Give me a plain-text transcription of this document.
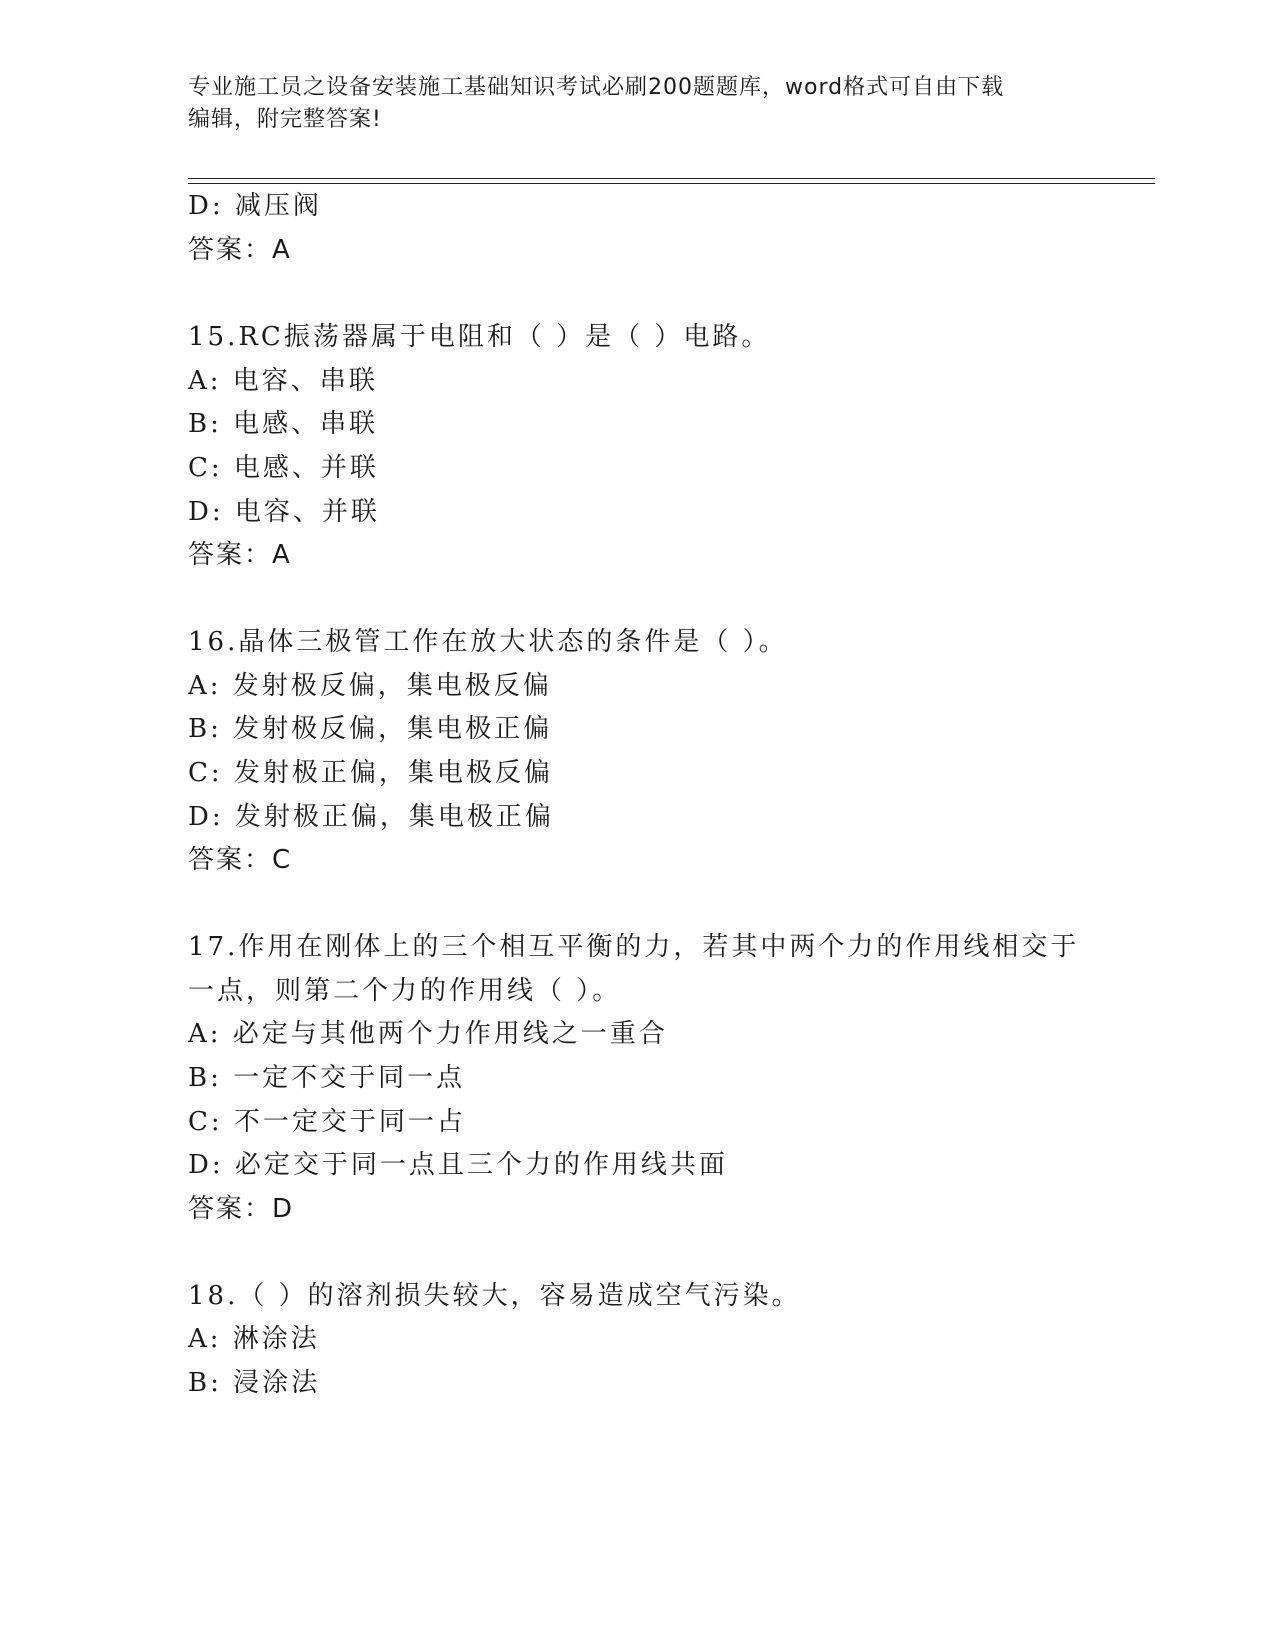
专业施工员之设备安装施工基础知识考试必刷200题题库，word格式可自由下载
编辑，附完整答案!
D: 减压阀
答案：A
15.RC振荡器属于电阻和（ ）是（ ）电路。
A: 电容、串联
B: 电感、串联
C: 电感、并联
D: 电容、并联
答案：A
16.晶体三极管工作在放大状态的条件是（ ）。
A: 发射极反偏，集电极反偏
B: 发射极反偏，集电极正偏
C: 发射极正偏，集电极反偏
D: 发射极正偏，集电极正偏
答案：C
17.作用在刚体上的三个相互平衡的力，若其中两个力的作用线相交于
一点，则第二个力的作用线（ ）。
A: 必定与其他两个力作用线之一重合
B: 一定不交于同一点
C: 不一定交于同一占
D: 必定交于同一点且三个力的作用线共面
答案：D
18.（ ）的溶剂损失较大，容易造成空气污染。
A: 淋涂法
B: 浸涂法
